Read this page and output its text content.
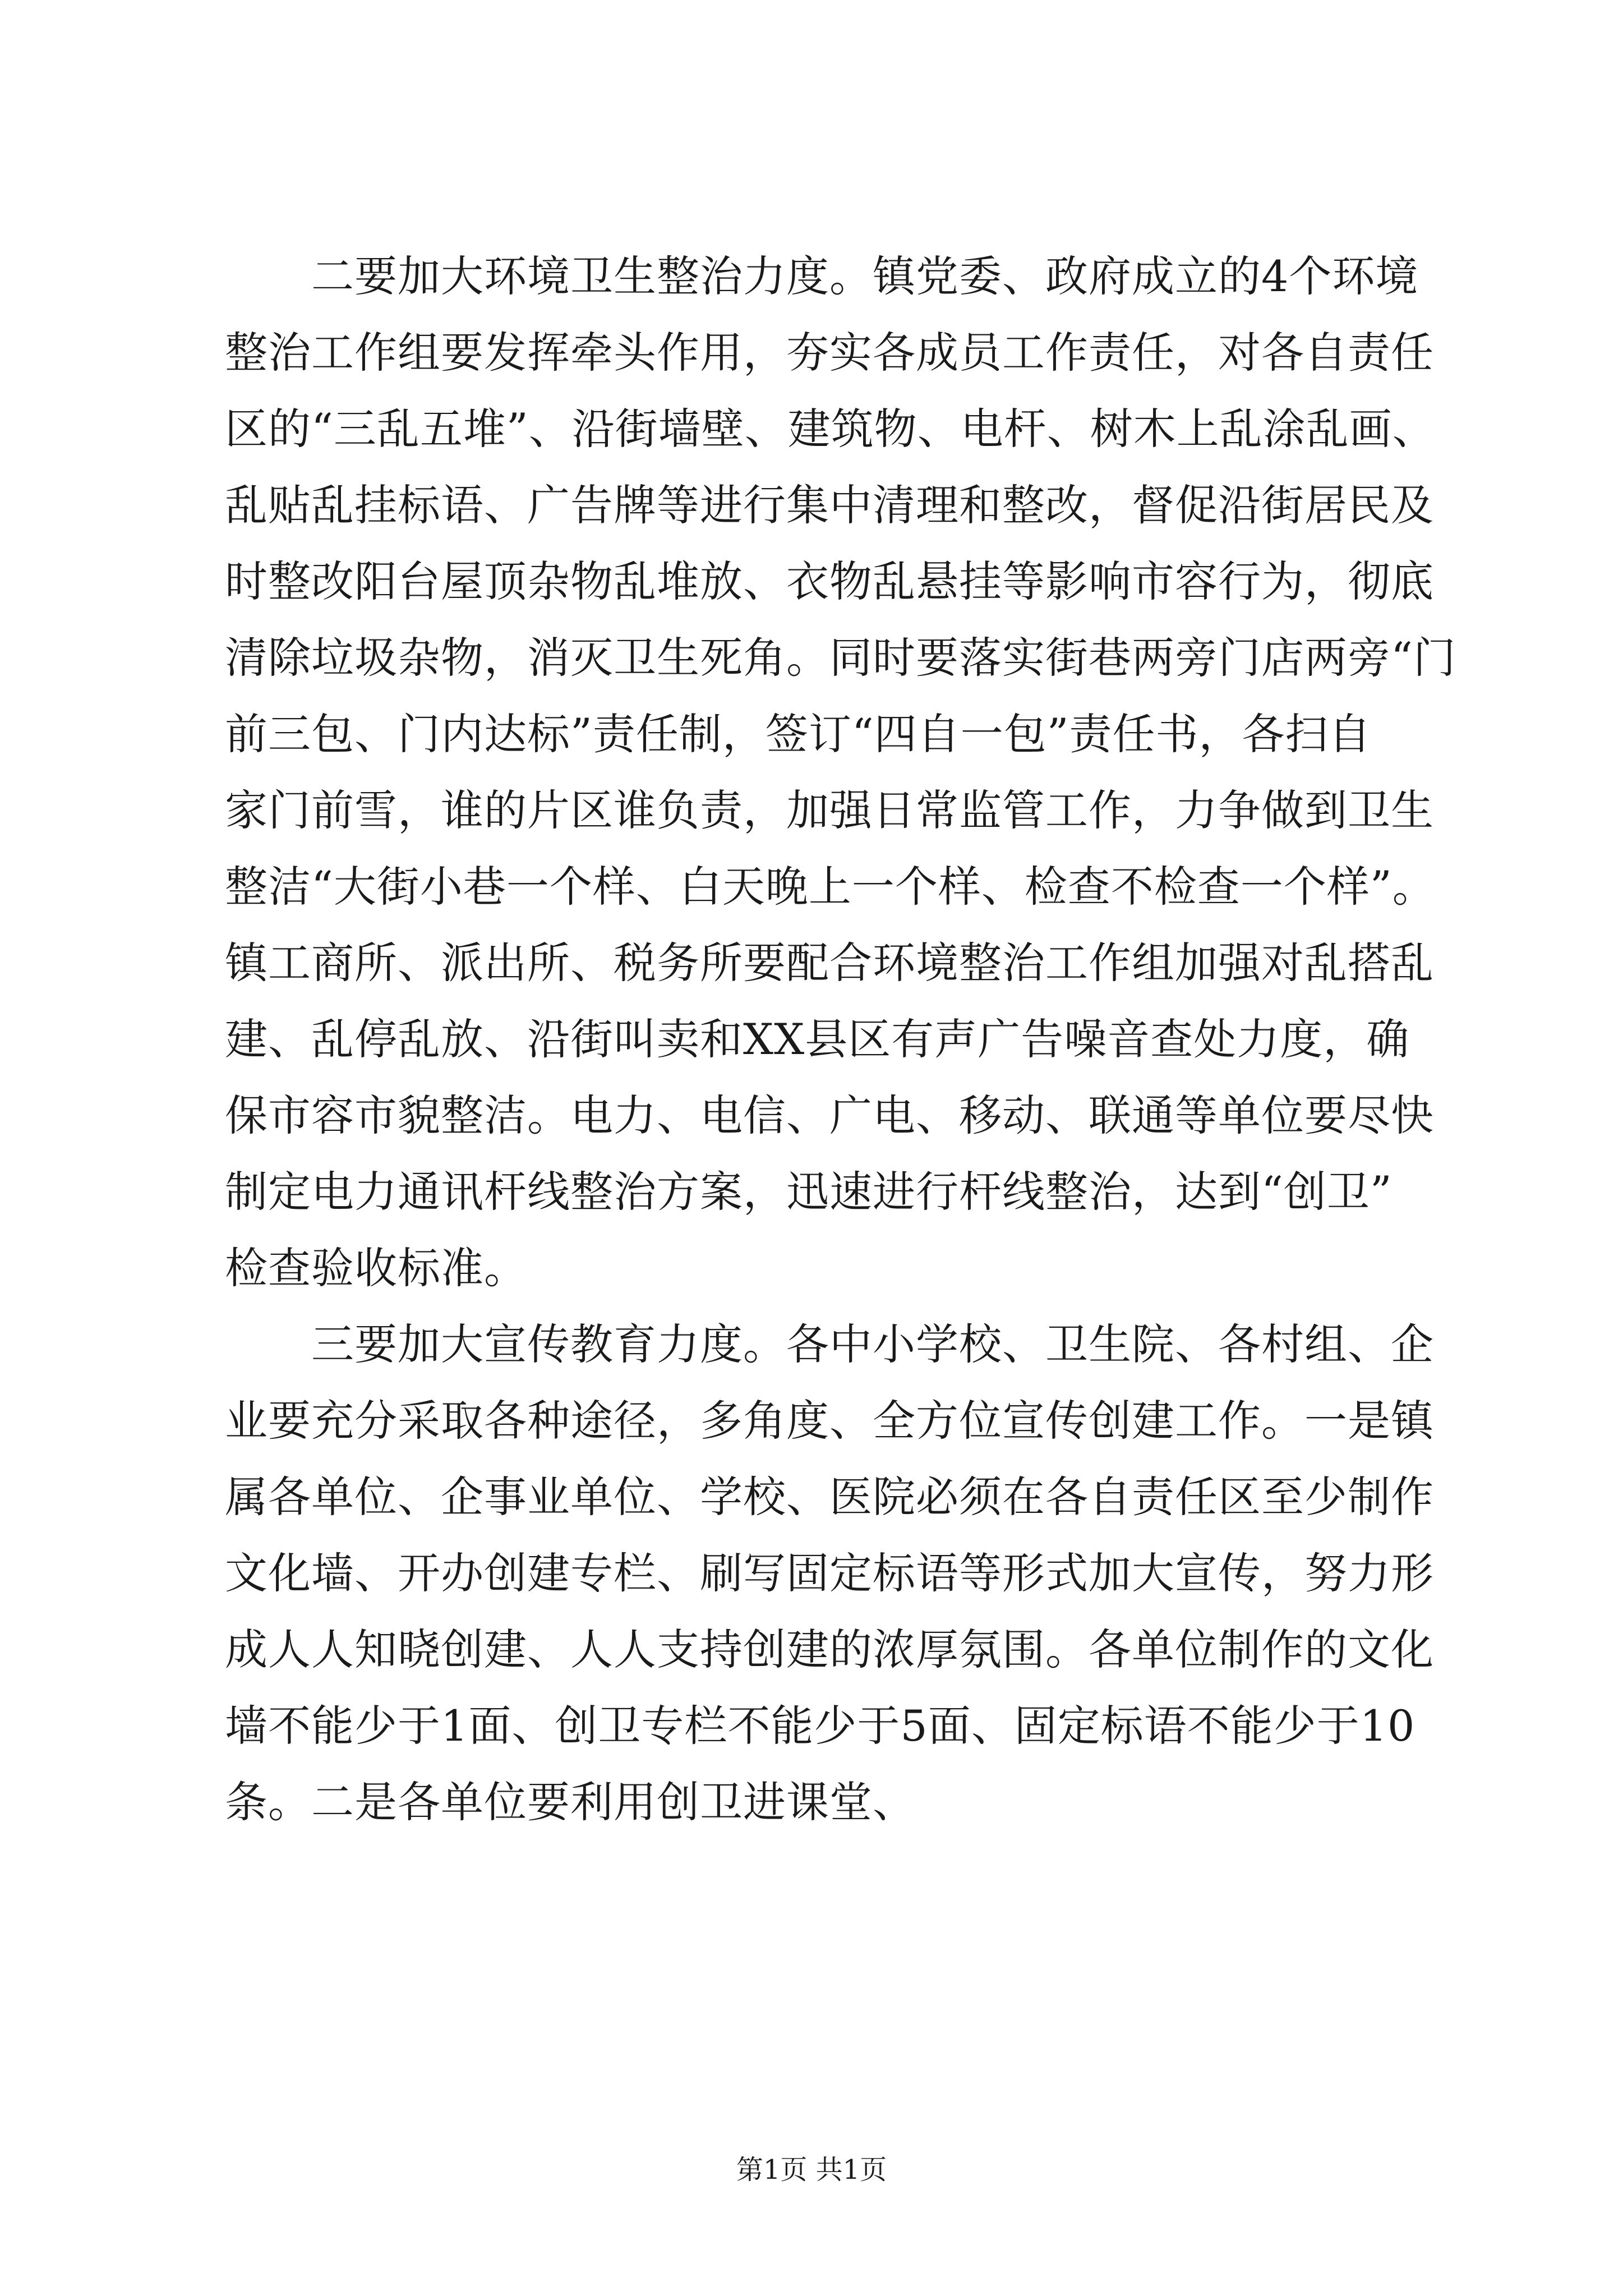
　　二要加大环境卫生整治力度。镇党委、政府成立的4个环境
整治工作组要发挥牵头作用，夯实各成员工作责任，对各自责任
区的“三乱五堆”、沿街墙壁、建筑物、电杆、树木上乱涂乱画、
乱贴乱挂标语、广告牌等进行集中清理和整改，督促沿街居民及
时整改阳台屋顶杂物乱堆放、衣物乱悬挂等影响市容行为，彻底
清除垃圾杂物，消灭卫生死角。同时要落实街巷两旁门店两旁“门
前三包、门内达标”责任制，签订“四自一包”责任书，各扫自
家门前雪，谁的片区谁负责，加强日常监管工作，力争做到卫生
整洁“大街小巷一个样、白天晚上一个样、检查不检查一个样”。
镇工商所、派出所、税务所要配合环境整治工作组加强对乱搭乱
建、乱停乱放、沿街叫卖和XX县区有声广告噪音查处力度，确
保市容市貌整洁。电力、电信、广电、移动、联通等单位要尽快
制定电力通讯杆线整治方案，迅速进行杆线整治，达到“创卫”
检查验收标准。
　　三要加大宣传教育力度。各中小学校、卫生院、各村组、企
业要充分采取各种途径，多角度、全方位宣传创建工作。一是镇
属各单位、企事业单位、学校、医院必须在各自责任区至少制作
文化墙、开办创建专栏、刷写固定标语等形式加大宣传，努力形
成人人知晓创建、人人支持创建的浓厚氛围。各单位制作的文化
墙不能少于1面、创卫专栏不能少于5面、固定标语不能少于10
条。二是各单位要利用创卫进课堂、
第1页 共1页
